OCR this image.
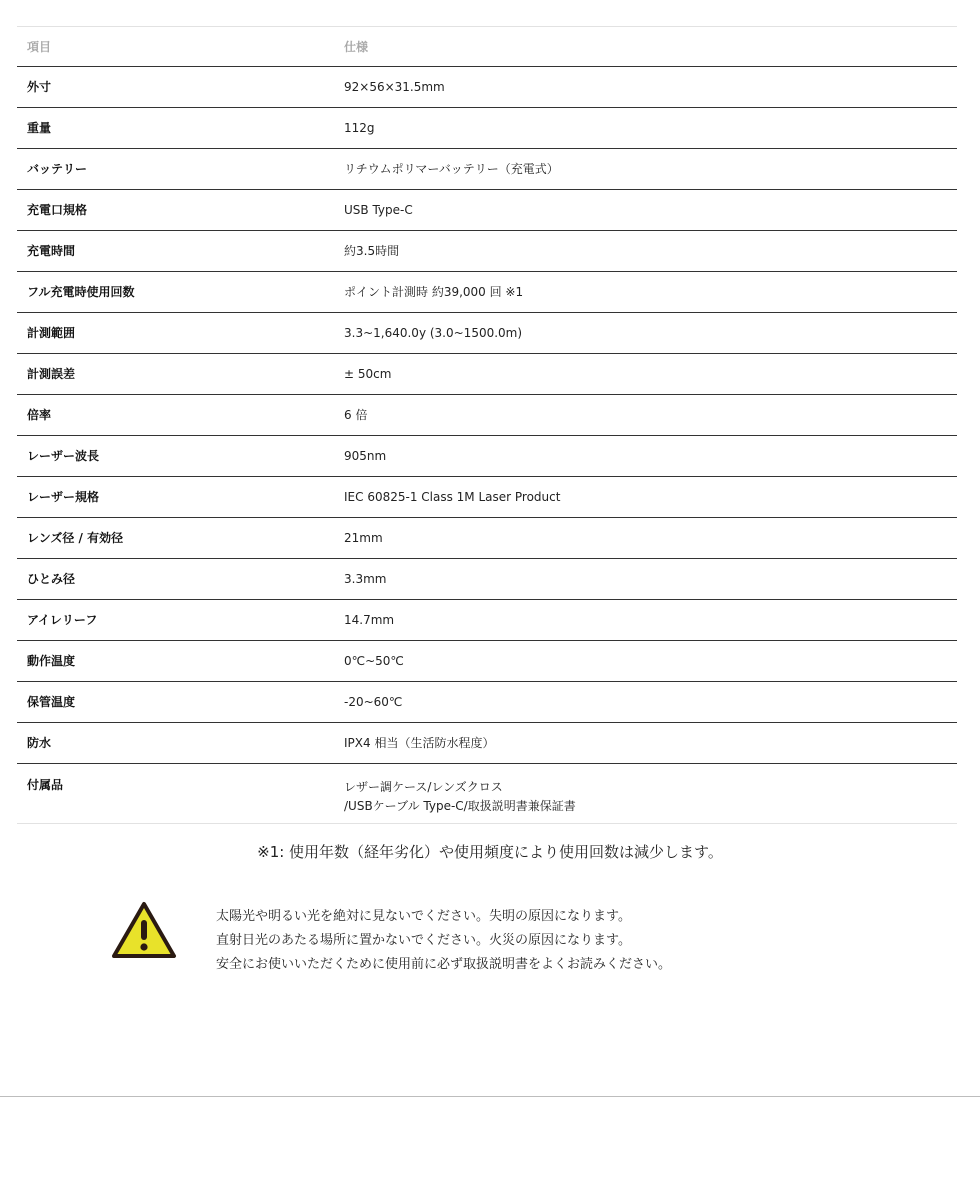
項目	仕様
外寸	92×56×31.5mm
重量	112g
バッテリー	リチウムポリマーバッテリー（充電式）
充電口規格	USB Type-C
充電時間	約3.5時間
フル充電時使用回数	ポイント計測時 約39,000 回 ※1
計測範囲	3.3~1,640.0y (3.0~1500.0m)
計測誤差	± 50cm
倍率	6 倍
レーザー波長	905nm
レーザー規格	IEC 60825-1 Class 1M Laser Product
レンズ径 / 有効径	21mm
ひとみ径	3.3mm
アイレリーフ	14.7mm
動作温度	0℃~50℃
保管温度	-20~60℃
防水	IPX4 相当（生活防水程度）
付属品	レザー調ケース/レンズクロス
/USBケーブル Type-C/取扱説明書兼保証書
※1: 使用年数（経年劣化）や使用頻度により使用回数は減少します。

太陽光や明るい光を絶対に見ないでください。失明の原因になります。

直射日光のあたる場所に置かないでください。火災の原因になります。

安全にお使いいただくために使用前に必ず取扱説明書をよくお読みください。
